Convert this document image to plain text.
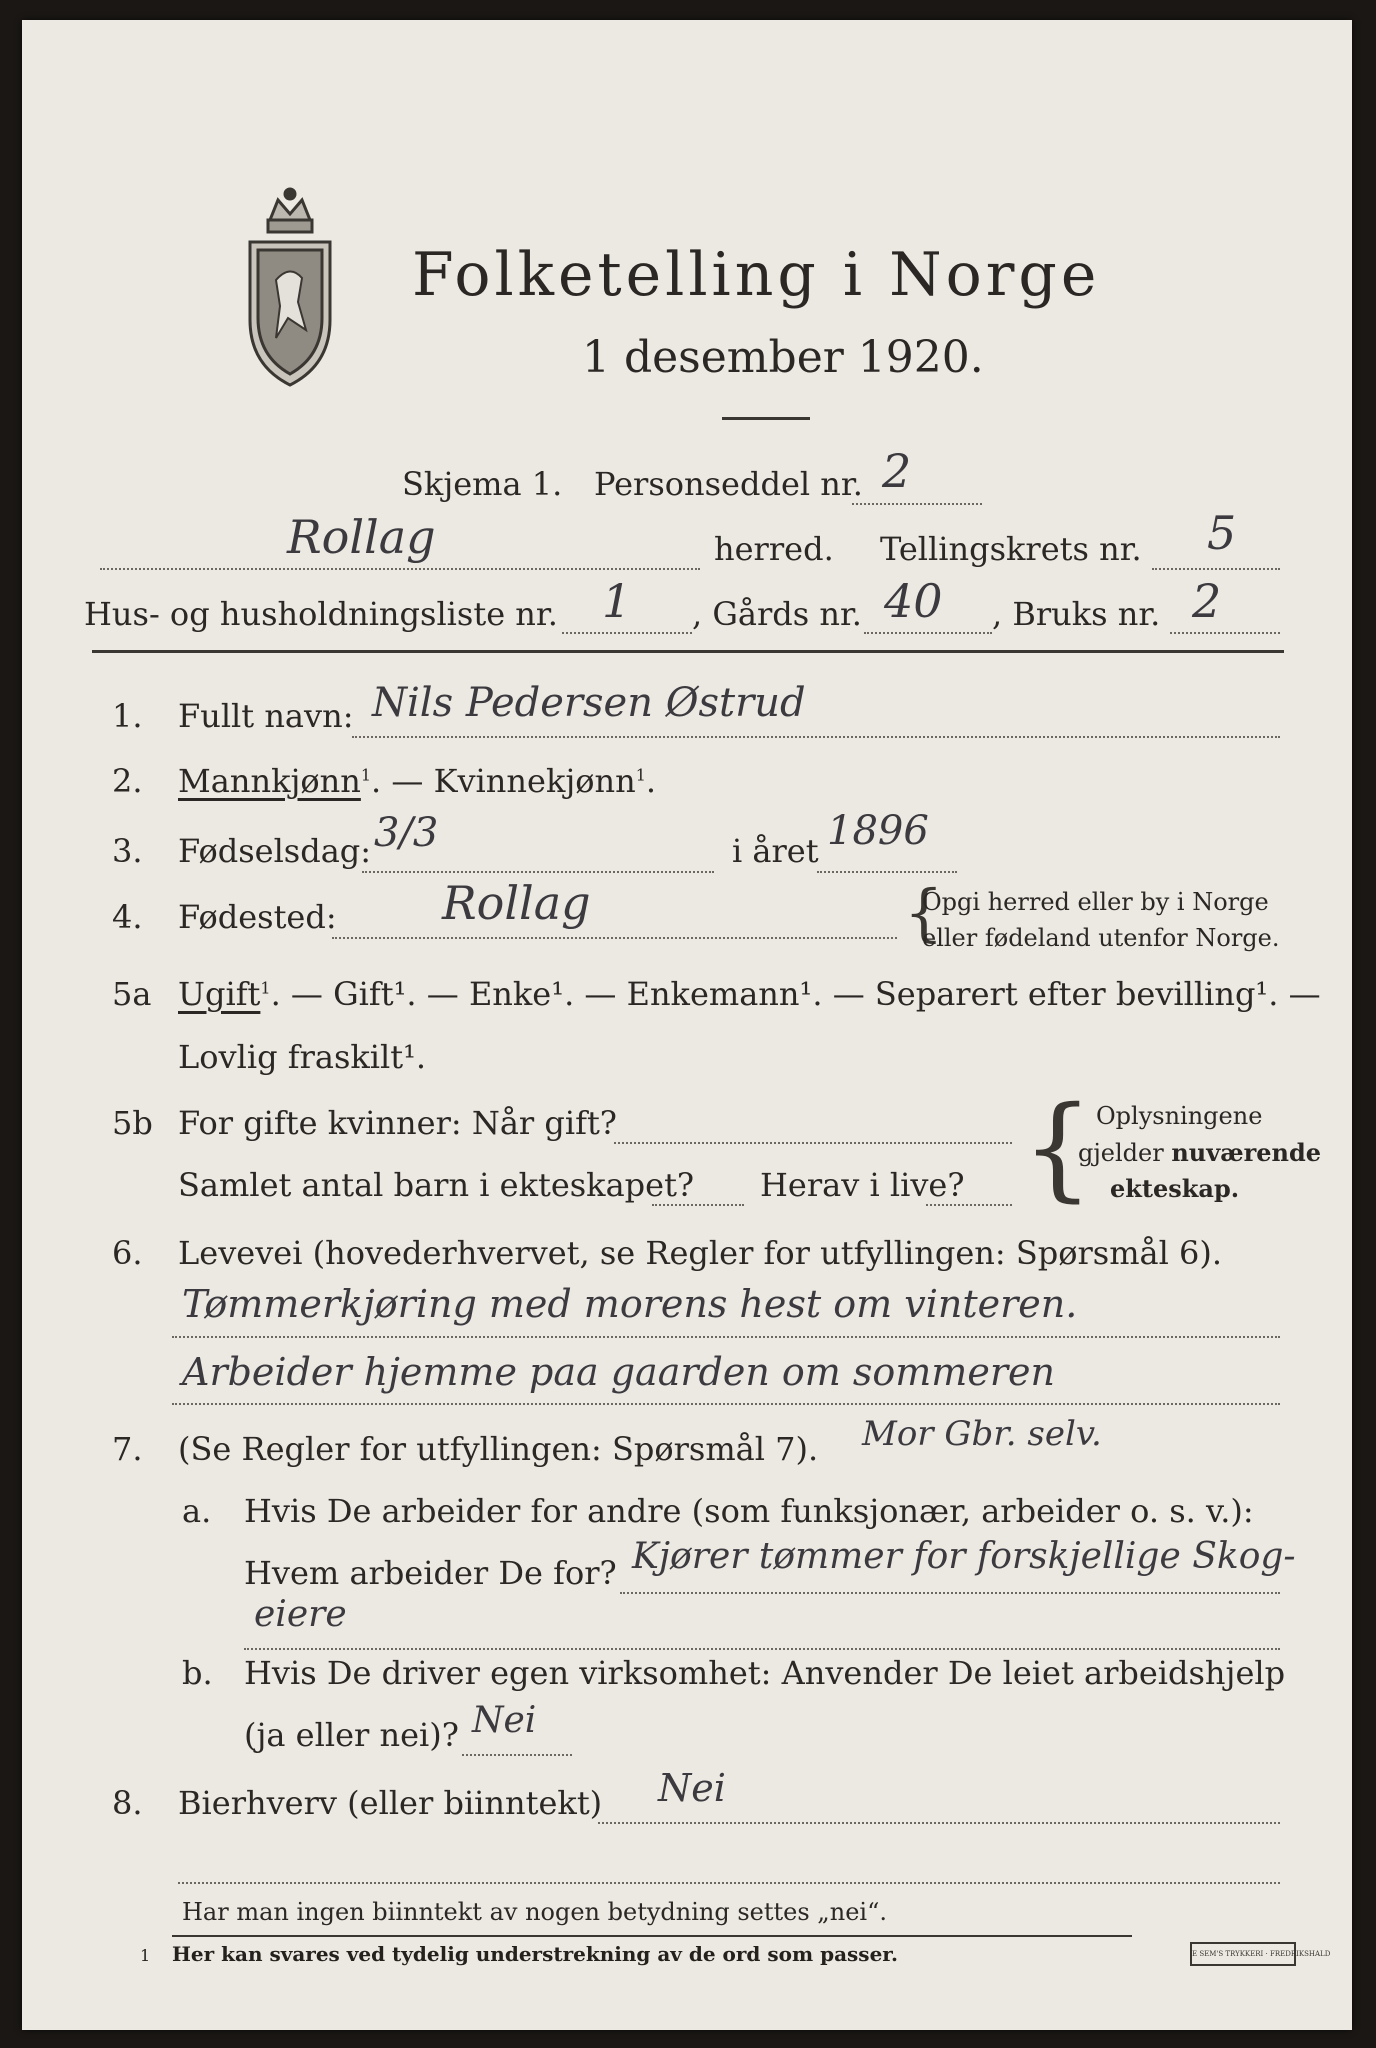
Folketelling i Norge
1 desember 1920.
Skjema 1. Personseddel nr. 2
Rollag	herred. Tellingskrets nr. 5
Hus- og husholdningsliste nr. 1 , Gårds nr. 40 , Bruks nr. 2
1. Fullt navn: Nils Pedersen Østrud
2. Mannkjønn$^1$. — Kvinnekjønn$^1$.
3. Fødselsdag: 3/3	i året 1896
4. Fødested: Rollag	{
Opgi herred eller by i Norge
eller fødeland utenfor Norge.
5a Ugift$^1$. — Gift¹. — Enke¹. — Enkemann¹. — Separert efter bevilling¹. —
Lovlig fraskilt¹.
5b For gifte kvinner: Når gift?
Samlet antal barn i ekteskapet? Herav i live? { Oplysningene
gjelder nuværende
ekteskap.
6. Levevei (hovederhvervet, se Regler for utfyllingen: Spørsmål 6).
Tømmerkjøring med morens hest om vinteren.
Arbeider hjemme paa gaarden om sommeren
7. (Se Regler for utfyllingen: Spørsmål 7). Mor Gbr. selv.
a. Hvis De arbeider for andre (som funksjonær, arbeider o. s. v.):
Hvem arbeider De for? Kjører tømmer for forskjellige Skog-
eiere
b. Hvis De driver egen virksomhet: Anvender De leiet arbeidshjelp
(ja eller nei)? Nei
8. Bierhverv (eller biinntekt) Nei
Har man ingen biinntekt av nogen betydning settes „nei“.
1 Her kan svares ved tydelig understrekning av de ord som passer.	E SEM'S TRYKKERI · FREDRIKSHALD
